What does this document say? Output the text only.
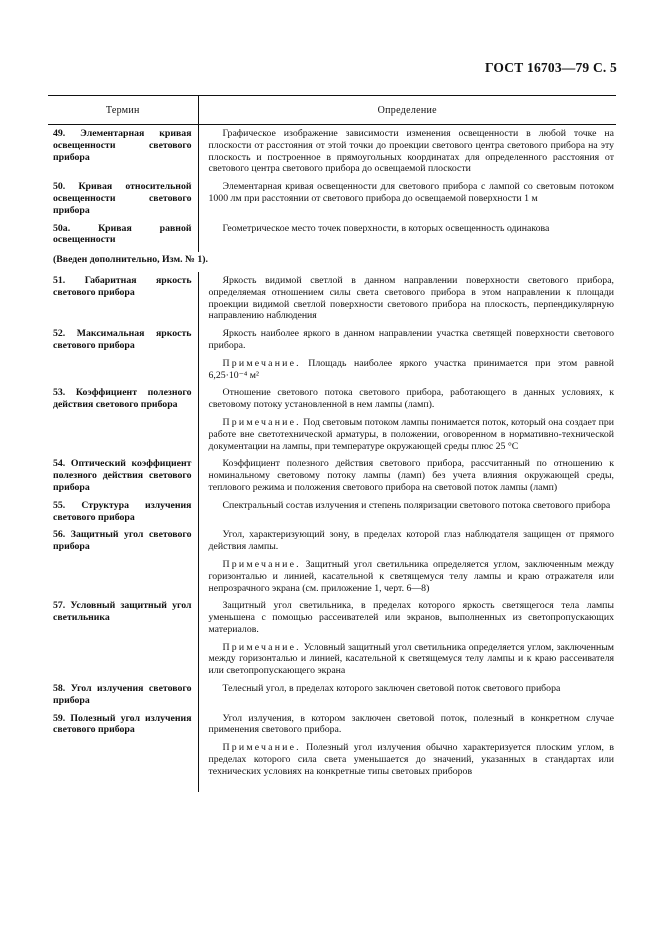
ГОСТ 16703—79 С. 5
Термин	Определение
49. Элементарная кривая освещенности светового прибора	Графическое изображение зависимости изменения освещенности в любой точке на плоскости от расстояния от этой точки до проекции светового центра светового прибора на эту плоскость и построенное в прямоугольных координатах для определенного расстояния от светового центра светового прибора до освещаемой плоскости

50. Кривая относительной освещенности светового прибора	Элементарная кривая освещенности для светового прибора с лампой со световым потоком 1000 лм при расстоянии от светового прибора до освещаемой поверхности 1 м

50а. Кривая равной освещенности	Геометрическое место точек поверхности, в которых освещенность одинакова

(Введен дополнительно, Изм. № 1).	
51. Габаритная яркость светового прибора	Яркость видимой светлой в данном направлении поверхности светового прибора, определяемая отношением силы света светового прибора в этом направлении к площади проекции видимой светлой поверхности светового прибора на плоскость, перпендикулярную направлению наблюдения

52. Максимальная яркость светового прибора	Яркость наиболее яркого в данном направлении участка светящей поверхности светового прибора.

Примечание. Площадь наиболее яркого участка принимается при этом равной 6,25·10⁻⁴ м²

53. Коэффициент полезного действия светового прибора	Отношение светового потока светового прибора, работающего в данных условиях, к световому потоку установленной в нем лампы (ламп).

Примечание. Под световым потоком лампы понимается поток, который она создает при работе вне светотехнической арматуры, в положении, оговоренном в нормативно-технической документации на лампы, при температуре окружающей среды плюс 25 °С

54. Оптический коэффициент полезного действия светового прибора	Коэффициент полезного действия светового прибора, рассчитанный по отношению к номинальному световому потоку лампы (ламп) без учета влияния окружающей среды, теплового режима и положения светового прибора на световой поток лампы (ламп)

55. Структура излучения светового прибора	Спектральный состав излучения и степень поляризации светового потока светового прибора

56. Защитный угол светового прибора	Угол, характеризующий зону, в пределах которой глаз наблюдателя защищен от прямого действия лампы.

Примечание. Защитный угол светильника определяется углом, заключенным между горизонталью и линией, касательной к светящемуся телу лампы и краю отражателя или непрозрачного экрана (см. приложение 1, черт. 6—8)

57. Условный защитный угол светильника	Защитный угол светильника, в пределах которого яркость светящегося тела лампы уменьшена с помощью рассеивателей или экранов, выполненных из светопропускающих материалов.

Примечание. Условный защитный угол светильника определяется углом, заключенным между горизонталью и линией, касательной к светящемуся телу лампы и к краю рассеивателя или светопропускающего экрана

58. Угол излучения светового прибора	Телесный угол, в пределах которого заключен световой поток светового прибора

59. Полезный угол излучения светового прибора	Угол излучения, в котором заключен световой поток, полезный в конкретном случае применения светового прибора.

Примечание. Полезный угол излучения обычно характеризуется плоским углом, в пределах которого сила света уменьшается до значений, указанных в стандартах или технических условиях на конкретные типы световых приборов
